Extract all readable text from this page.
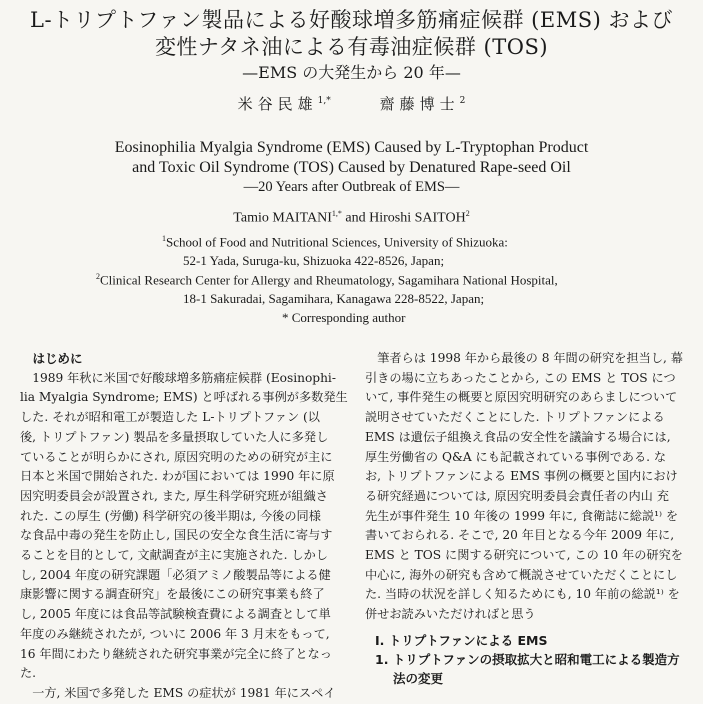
L-トリプトファン製品による好酸球増多筋痛症候群 (EMS) および
変性ナタネ油による有毒油症候群 (TOS)
—EMS の大発生から 20 年—
米谷民雄$^{1,*}$	齋藤博士$^2$
Eosinophilia Myalgia Syndrome (EMS) Caused by L-Tryptophan Product
and Toxic Oil Syndrome (TOS) Caused by Denatured Rape-seed Oil
—20 Years after Outbreak of EMS—
Tamio $MAITANI^{1,*}$ and Hiroshi SAITOH$^2$
$^1$School of Food and Nutritional Sciences, University of Shizuoka:
52-1 Yada, Suruga-ku, Shizuoka 422-8526, Japan;
$^2$Clinical Research Center for Allergy and Rheumatology, Sagamihara National Hospital,
18-1 Sakuradai, Sagamihara, Kanagawa 228-8522, Japan;
* Corresponding author

はじめに

1989 年秋に米国で好酸球増多筋痛症候群 (Eosinophi-

lia Myalgia Syndrome; EMS) と呼ばれる事例が多数発生

した. それが昭和電工が製造した L-トリプトファン (以

後, トリプトファン) 製品を多量摂取していた人に多発し

ていることが明らかにされ, 原因究明のための研究が主に

日本と米国で開始された. わが国においては 1990 年に原

因究明委員会が設置され, また, 厚生科学研究班が組織さ

れた. この厚生 (労働) 科学研究の後半期は, 今後の同様

な食品中毒の発生を防止し, 国民の安全な食生活に寄与す

ることを目的として, 文献調査が主に実施された. しかし

し, 2004 年度の研究課題「必須アミノ酸製品等による健

康影響に関する調査研究」を最後にこの研究事業も終了

し, 2005 年度には食品等試験検査費による調査として単

年度のみ継続されたが, ついに 2006 年 3 月末をもって,

16 年間にわたり継続された研究事業が完全に終了となっ

た.

一方, 米国で多発した EMS の症状が 1981 年にスペイ

筆者らは 1998 年から最後の 8 年間の研究を担当し, 幕

引きの場に立ちあったことから, この EMS と TOS につ

いて, 事件発生の概要と原因究明研究のあらましについて

説明させていただくことにした. トリプトファンによる

EMS は遺伝子組換え食品の安全性を議論する場合には,

厚生労働省の Q&A にも記載されている事例である. な

お, トリプトファンによる EMS 事例の概要と国内におけ

る研究経過については, 原因究明委員会責任者の内山 充

先生が事件発生 10 年後の 1999 年に, 食衛誌に総説¹⁾ を

書いておられる. そこで, 20 年目となる今年 2009 年に,

EMS と TOS に関する研究について, この 10 年の研究を

中心に, 海外の研究も含めて概説させていただくことにし

た. 当時の状況を詳しく知るためにも, 10 年前の総説¹⁾ を

併せお読みいただければと思う

I. トリプトファンによる EMS
1. トリプトファンの摂取拡大と昭和電工による製造方
法の変更
